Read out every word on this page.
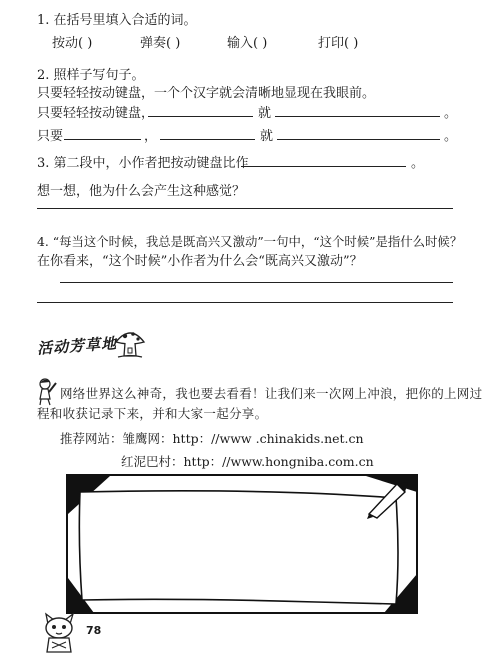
1. 在括号里填入合适的词。
按动( )	弹奏( )	输入( )	打印( )
2. 照样子写句子。
只要轻轻按动键盘，一个个汉字就会清晰地显现在我眼前。
只要轻轻按动键盘，	就	。
只要	，	就	。
3. 第二段中，小作者把按动键盘比作	。
想一想，他为什么会产生这种感觉？
4. “每当这个时候，我总是既高兴又激动”一句中，“这个时候”是指什么时候？
在你看来，“这个时候”小作者为什么会“既高兴又激动”？
活动芳草地
网络世界这么神奇，我也要去看看！让我们来一次网上冲浪，把你的上网过
程和收获记录下来，并和大家一起分享。
推荐网站：雏鹰网：http：//www .chinakids.net.cn
红泥巴村：http：//www.hongniba.com.cn
78
